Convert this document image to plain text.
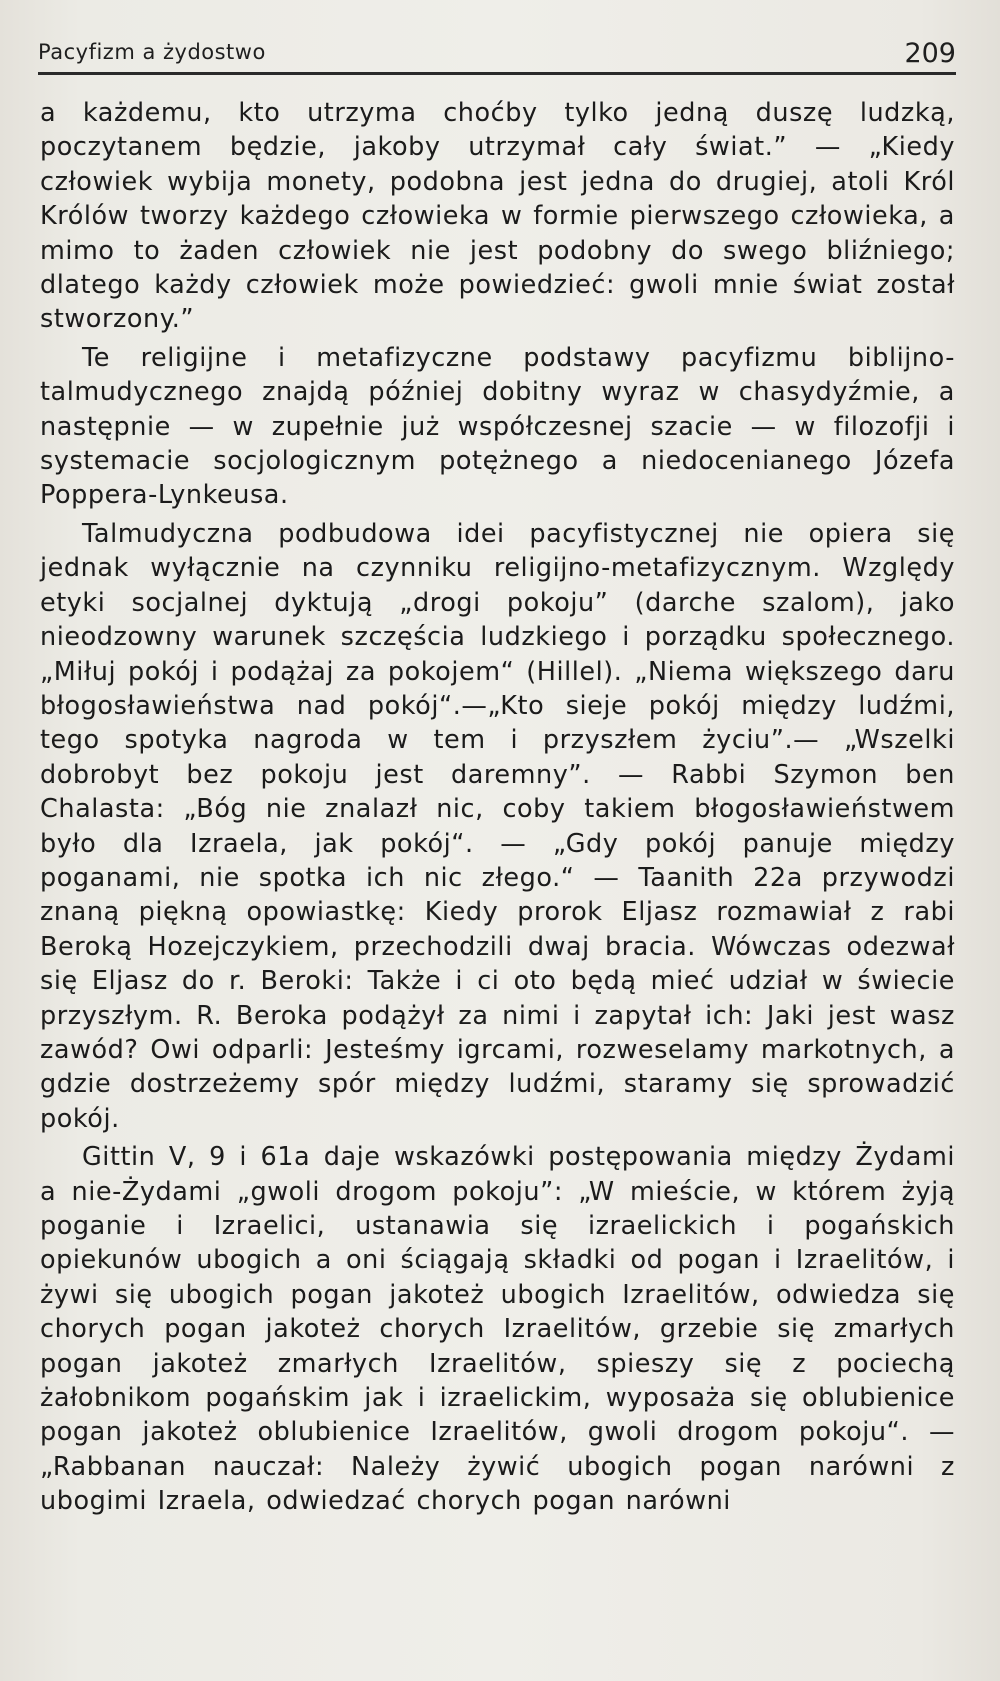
Pacyfizm a żydostwo	209

a każdemu, kto utrzyma choćby tylko jedną duszę ludzką, poczytanem będzie, jakoby utrzymał cały świat.” — „Kiedy człowiek wybija monety, podobna jest jedna do drugiej, atoli Król Królów tworzy każdego człowieka w formie pierwszego człowieka, a mimo to żaden człowiek nie jest podobny do swego bliźniego; dlatego każdy człowiek może powiedzieć: gwoli mnie świat został stworzony.”

Te religijne i metafizyczne podstawy pacyfizmu biblijno-talmudycznego znajdą później dobitny wyraz w chasydyźmie, a następnie — w zupełnie już współczesnej szacie — w filozofji i systemacie socjologicznym potężnego a niedocenianego Józefa Poppera-Lynkeusa.

Talmudyczna podbudowa idei pacyfistycznej nie opiera się jednak wyłącznie na czynniku religijno-metafizycznym. Względy etyki socjalnej dyktują „drogi pokoju” (darche szalom), jako nieodzowny warunek szczęścia ludzkiego i porządku społecznego. „Miłuj pokój i podążaj za pokojem“ (Hillel). „Niema większego daru błogosławieństwa nad pokój“.—„Kto sieje pokój między ludźmi, tego spotyka nagroda w tem i przyszłem życiu”.— „Wszelki dobrobyt bez pokoju jest daremny”. — Rabbi Szymon ben Chalasta: „Bóg nie znalazł nic, coby takiem błogosławieństwem było dla Izraela, jak pokój“. — „Gdy pokój panuje między poganami, nie spotka ich nic złego.“ — Taanith 22a przywodzi znaną piękną opowiastkę: Kiedy prorok Eljasz rozmawiał z rabi Beroką Hozejczykiem, przechodzili dwaj bracia. Wówczas odezwał się Eljasz do r. Beroki: Także i ci oto będą mieć udział w świecie przyszłym. R. Beroka podążył za nimi i zapytał ich: Jaki jest wasz zawód? Owi odparli: Jesteśmy igrcami, rozweselamy markotnych, a gdzie dostrzeżemy spór między ludźmi, staramy się sprowadzić pokój.

Gittin V, 9 i 61a daje wskazówki postępowania między Żydami a nie-Żydami „gwoli drogom pokoju”: „W mieście, w którem żyją poganie i Izraelici, ustanawia się izraelickich i pogańskich opiekunów ubogich a oni ściągają składki od pogan i Izraelitów, i żywi się ubogich pogan jakoteż ubogich Izraelitów, odwiedza się chorych pogan jakoteż chorych Izraelitów, grzebie się zmarłych pogan jakoteż zmarłych Izraelitów, spieszy się z pociechą żałobnikom pogańskim jak i izraelickim, wyposaża się oblubienice pogan jakoteż oblubienice Izraelitów, gwoli drogom pokoju“. — „Rabbanan nauczał: Należy żywić ubogich pogan narówni z ubogimi Izraela, odwiedzać chorych pogan narówni
